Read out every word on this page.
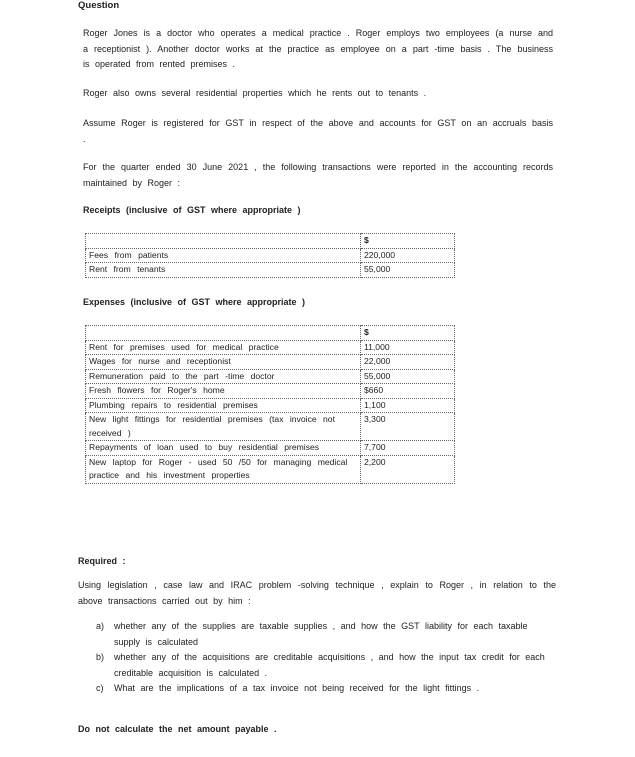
Question
Roger Jones is a doctor who operates a medical practice . Roger employs two employees (a nurse and a receptionist ). Another doctor works at the practice as employee on a part -time basis . The business is operated from rented premises .
Roger also owns several residential properties which he rents out to tenants .
Assume Roger is registered for GST in respect of the above and accounts for GST on an accruals basis .
For the quarter ended 30 June 2021 , the following transactions were reported in the accounting records maintained by Roger :
Receipts (inclusive of GST where appropriate )
	$
Fees from patients	220,000
Rent from tenants	55,000
Expenses (inclusive of GST where appropriate )
	$
Rent for premises used for medical practice	11,000
Wages for nurse and receptionist	22,000
Remuneration paid to the part -time doctor	55,000
Fresh flowers for Roger's home	$660
Plumbing repairs to residential premises	1,100
New light fittings for residential premises (tax invoice not received )	3,300
Repayments of loan used to buy residential premises	7,700
New laptop for Roger - used 50 /50 for managing medical practice and his investment properties	2,200
Required :
Using legislation , case law and IRAC problem -solving technique , explain to Roger , in relation to the above transactions carried out by him :
a) whether any of the supplies are taxable supplies , and how the GST liability for each taxable supply is calculated
b) whether any of the acquisitions are creditable acquisitions , and how the input tax credit for each creditable acquisition is calculated .
c) What are the implications of a tax invoice not being received for the light fittings .
Do not calculate the net amount payable .
